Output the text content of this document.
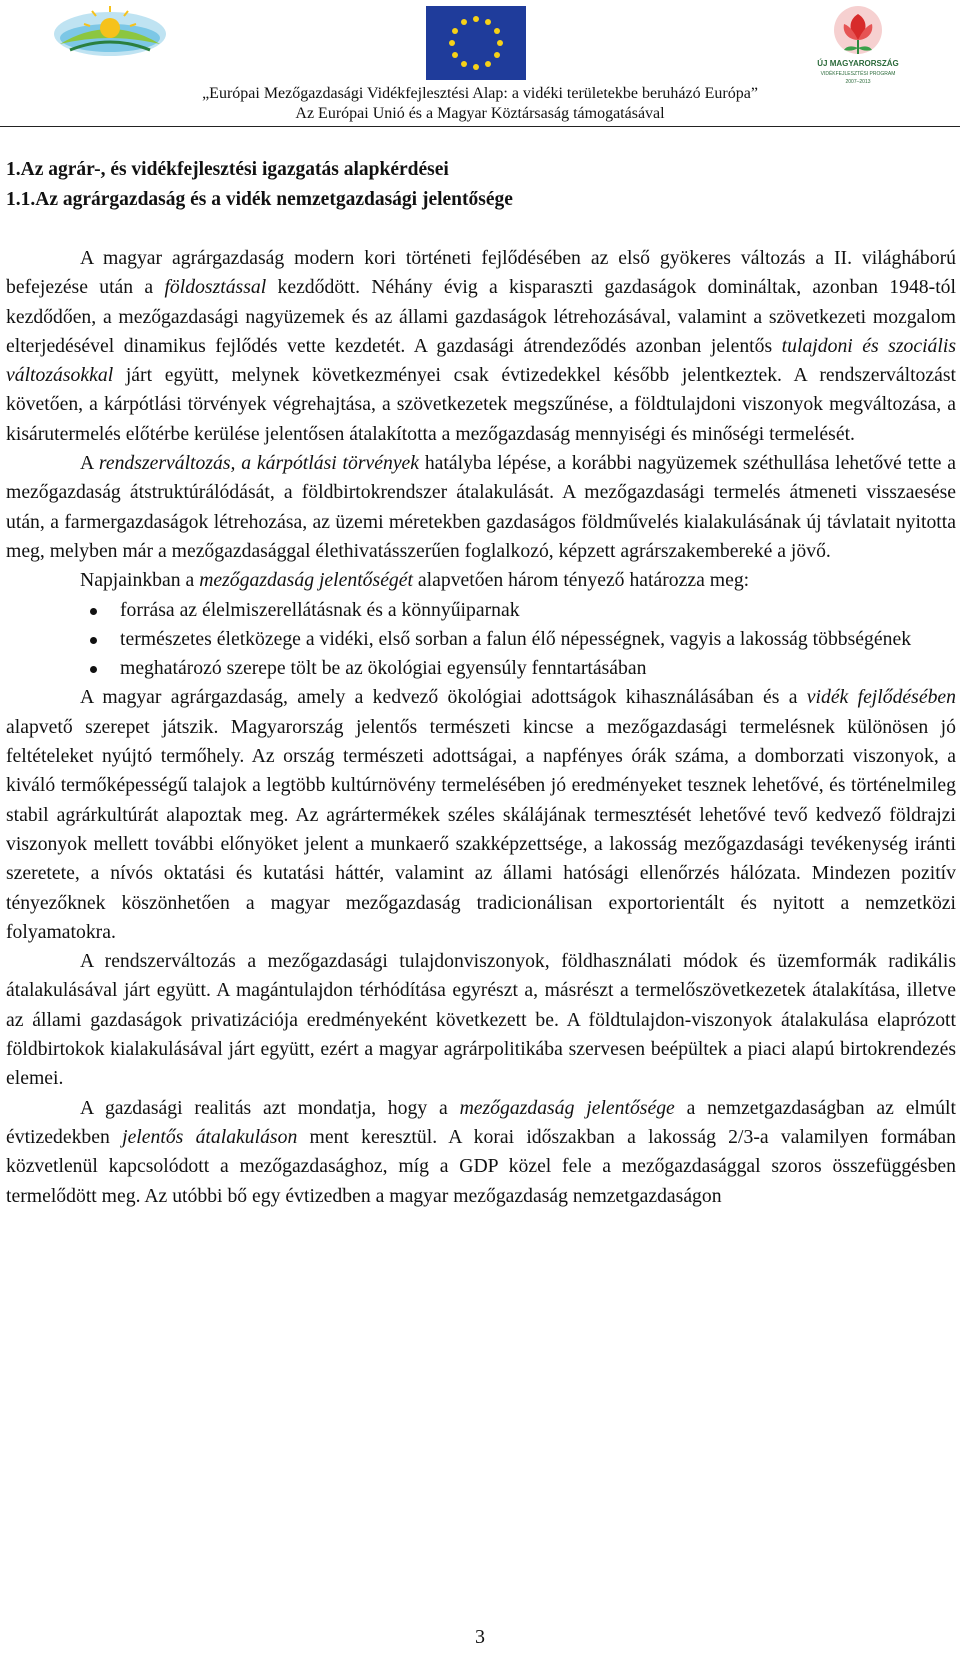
ÚJ MAGYARORSZÁG
VIDÉKFEJLESZTÉSI PROGRAM
2007–2013
„Európai Mezőgazdasági Vidékfejlesztési Alap: a vidéki területekbe beruházó Európa”
Az Európai Unió és a Magyar Köztársaság támogatásával
1.Az agrár-, és vidékfejlesztési igazgatás alapkérdései
1.1.Az agrárgazdaság és a vidék nemzetgazdasági jelentősége

A magyar agrárgazdaság modern kori történeti fejlődésében az első gyökeres változás a II. világháború befejezése után a földosztással kezdődött. Néhány évig a kisparaszti gazdaságok domináltak, azonban 1948-tól kezdődően, a mezőgazdasági nagyüzemek és az állami gazdaságok létrehozásával, valamint a szövetkezeti mozgalom elterjedésével dinamikus fejlődés vette kezdetét. A gazdasági átrendeződés azonban jelentős tulajdoni és szociális változásokkal járt együtt, melynek következményei csak évtizedekkel később jelentkeztek. A rendszerváltozást követően, a kárpótlási törvények végrehajtása, a szövetkezetek megszűnése, a földtulajdoni viszonyok megváltozása, a kisárutermelés előtérbe kerülése jelentősen átalakította a mezőgazdaság mennyiségi és minőségi termelését.

A rendszerváltozás, a kárpótlási törvények hatályba lépése, a korábbi nagyüzemek széthullása lehetővé tette a mezőgazdaság átstruktúrálódását, a földbirtokrendszer átalakulását. A mezőgazdasági termelés átmeneti visszaesése után, a farmergazdaságok létrehozása, az üzemi méretekben gazdaságos földművelés kialakulásának új távlatait nyitotta meg, melyben már a mezőgazdasággal élethivatásszerűen foglalkozó, képzett agrárszakembereké a jövő.

Napjainkban a mezőgazdaság jelentőségét alapvetően három tényező határozza meg:

forrása az élelmiszerellátásnak és a könnyűiparnak
természetes életközege a vidéki, első sorban a falun élő népességnek, vagyis a lakosság többségének
meghatározó szerepe tölt be az ökológiai egyensúly fenntartásában

A magyar agrárgazdaság, amely a kedvező ökológiai adottságok kihasználásában és a vidék fejlődésében alapvető szerepet játszik. Magyarország jelentős természeti kincse a mezőgazdasági termelésnek különösen jó feltételeket nyújtó termőhely. Az ország természeti adottságai, a napfényes órák száma, a domborzati viszonyok, a kiváló termőképességű talajok a legtöbb kultúrnövény termelésében jó eredményeket tesznek lehetővé, és történelmileg stabil agrárkultúrát alapoztak meg. Az agrártermékek széles skálájának termesztését lehetővé tevő kedvező földrajzi viszonyok mellett további előnyöket jelent a munkaerő szakképzettsége, a lakosság mezőgazdasági tevékenység iránti szeretete, a nívós oktatási és kutatási háttér, valamint az állami hatósági ellenőrzés hálózata. Mindezen pozitív tényezőknek köszönhetően a magyar mezőgazdaság tradicionálisan exportorientált és nyitott a nemzetközi folyamatokra.

A rendszerváltozás a mezőgazdasági tulajdonviszonyok, földhasználati módok és üzemformák radikális átalakulásával járt együtt. A magántulajdon térhódítása egyrészt a, másrészt a termelőszövetkezetek átalakítása, illetve az állami gazdaságok privatizációja eredményeként következett be. A földtulajdon-viszonyok átalakulása elaprózott földbirtokok kialakulásával járt együtt, ezért a magyar agrárpolitikába szervesen beépültek a piaci alapú birtokrendezés elemei.

A gazdasági realitás azt mondatja, hogy a mezőgazdaság jelentősége a nemzetgazdaságban az elmúlt évtizedekben jelentős átalakuláson ment keresztül. A korai időszakban a lakosság 2/3-a valamilyen formában közvetlenül kapcsolódott a mezőgazdasághoz, míg a GDP közel fele a mezőgazdasággal szoros összefüggésben termelődött meg. Az utóbbi bő egy évtizedben a magyar mezőgazdaság nemzetgazdaságon

3
